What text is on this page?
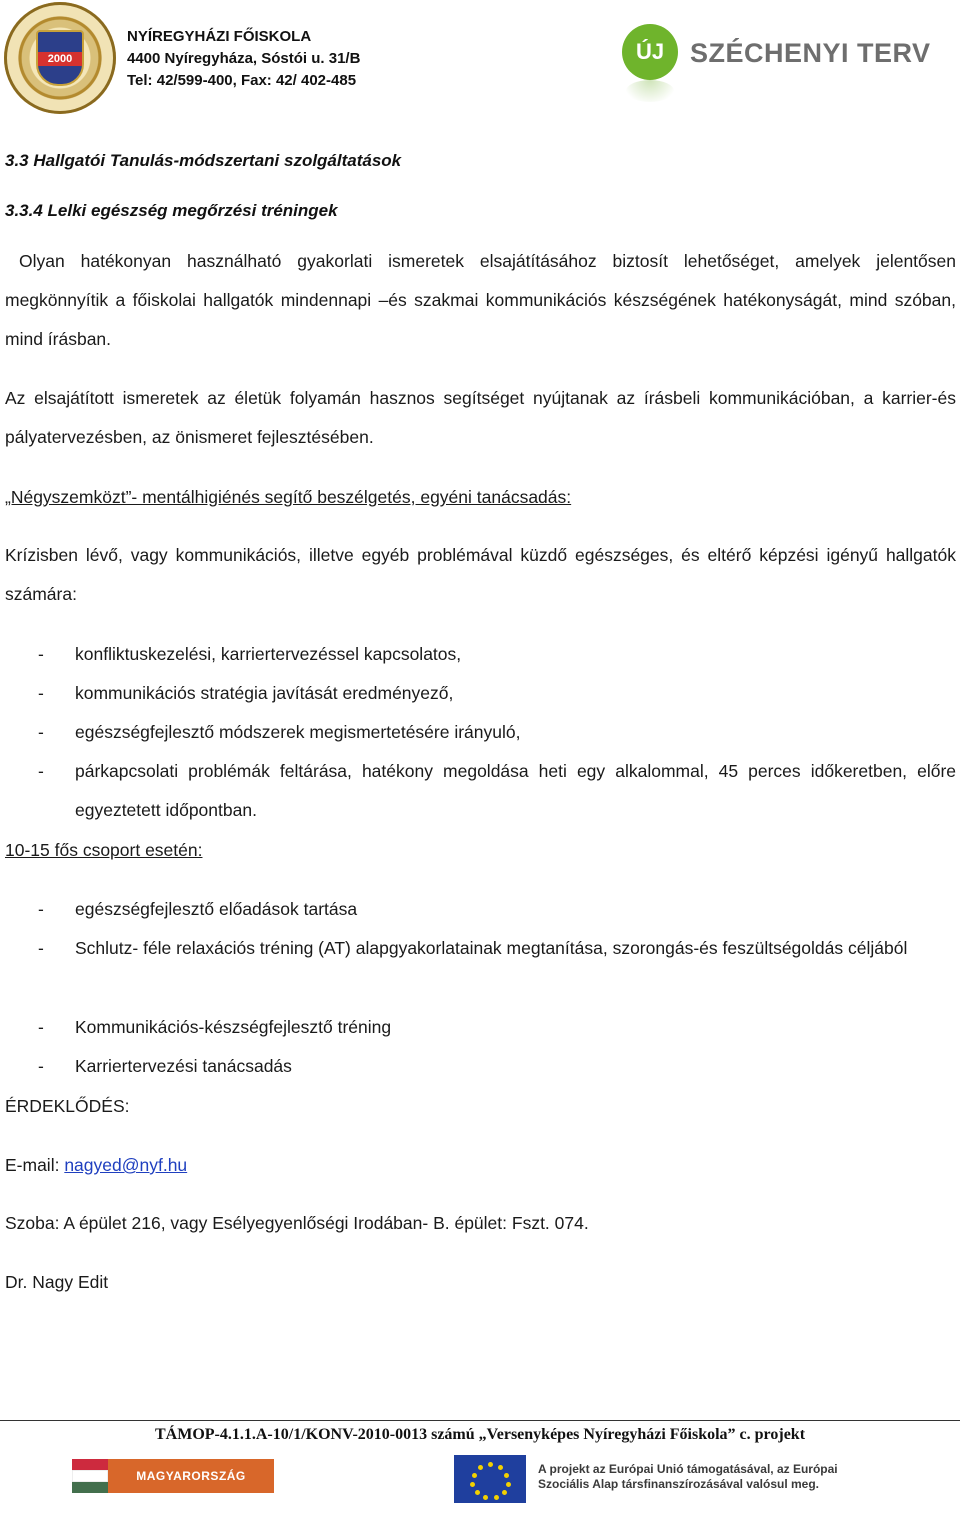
2000
NYÍREGYHÁZI FŐISKOLA
4400 Nyíregyháza, Sóstói u. 31/B
Tel: 42/599-400, Fax: 42/ 402-485
ÚJ SZÉCHENYI TERV
3.3 Hallgatói Tanulás-módszertani szolgáltatások
3.3.4 Lelki egészség megőrzési tréningek
Olyan hatékonyan használható gyakorlati ismeretek elsajátításához biztosít lehetőséget, amelyek jelentősen megkönnyítik a főiskolai hallgatók mindennapi –és szakmai kommunikációs készségének hatékonyságát, mind szóban, mind írásban.
Az elsajátított ismeretek az életük folyamán hasznos segítséget nyújtanak az írásbeli kommunikációban, a karrier-és pályatervezésben, az önismeret fejlesztésében.
„Négyszemközt”- mentálhigiénés segítő beszélgetés, egyéni tanácsadás:
Krízisben lévő, vagy kommunikációs, illetve egyéb problémával küzdő egészséges, és eltérő képzési igényű hallgatók számára:
- konfliktuskezelési, karriertervezéssel kapcsolatos,
- kommunikációs stratégia javítását eredményező,
- egészségfejlesztő módszerek megismertetésére irányuló,
- párkapcsolati problémák feltárása, hatékony megoldása heti egy alkalommal, 45 perces időkeretben, előre egyeztetett időpontban.
10-15 fős csoport esetén:
- egészségfejlesztő előadások tartása
- Schlutz- féle relaxációs tréning (AT) alapgyakorlatainak megtanítása, szorongás-és feszültségoldás céljából
- Kommunikációs-készségfejlesztő tréning
- Karriertervezési tanácsadás
ÉRDEKLŐDÉS:
E-mail: nagyed@nyf.hu
Szoba: A épület 216, vagy Esélyegyenlőségi Irodában- B. épület: Fszt. 074.
Dr. Nagy Edit
TÁMOP-4.1.1.A-10/1/KONV-2010-0013 számú „Versenyképes Nyíregyházi Főiskola” c. projekt
MAGYARORSZÁG MEGÚJUL
A projekt az Európai Unió támogatásával, az Európai Szociális Alap társfinanszírozásával valósul meg.
